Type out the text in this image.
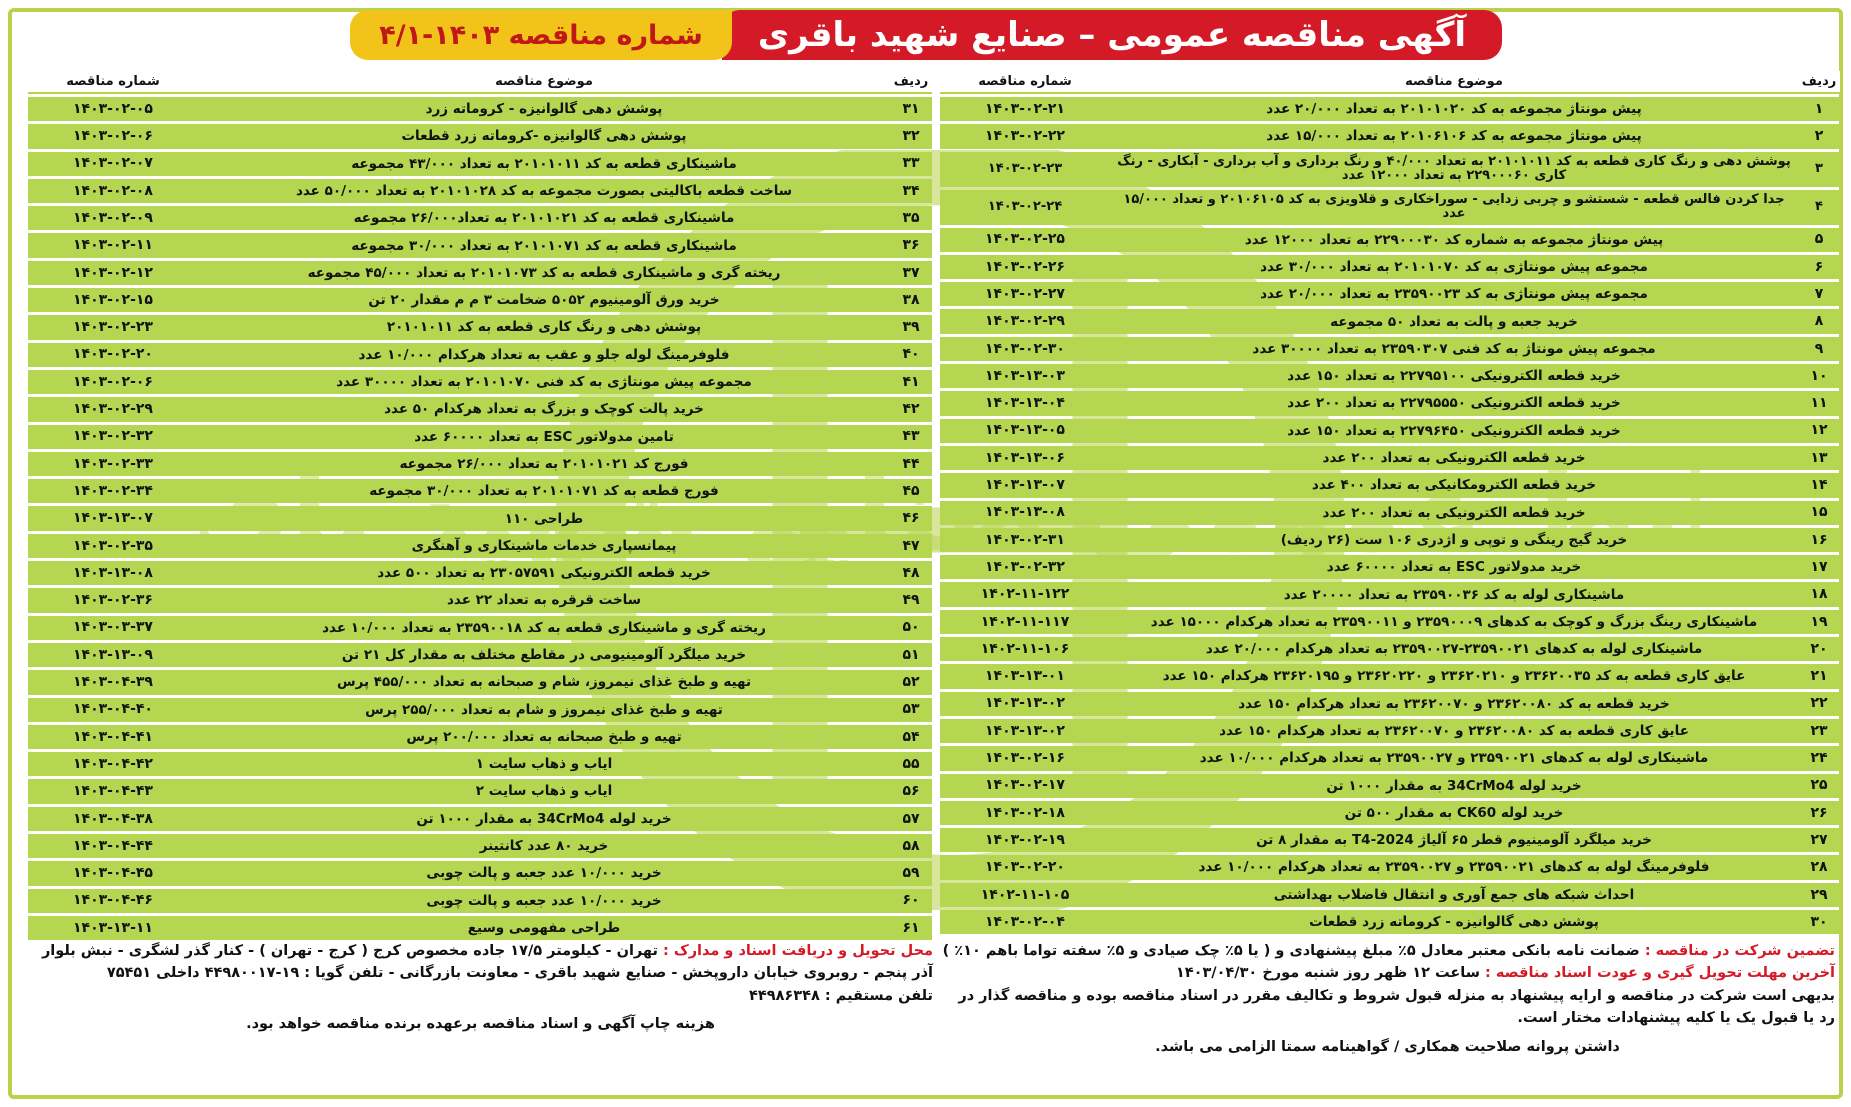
آگهی مناقصه عمومی – صنایع شهید باقری
شماره مناقصه ۱۴۰۳-۴/۱
ردیف	موضوع مناقصه	شماره مناقصه
۱	پیش مونتاژ مجموعه به کد ۲۰۱۰۱۰۲۰ به تعداد ۲۰/۰۰۰ عدد	۱۴۰۳-۰۲-۲۱
۲	پیش مونتاژ مجموعه به کد ۲۰۱۰۶۱۰۶ به تعداد ۱۵/۰۰۰ عدد	۱۴۰۳-۰۲-۲۲
۳	پوشش دهی و رنگ کاری قطعه به کد ۲۰۱۰۱۰۱۱ به تعداد ۴۰/۰۰۰ و رنگ برداری و آب برداری - آبکاری - رنگ کاری ۲۲۹۰۰۰۶۰ به تعداد ۱۲۰۰۰ عدد	۱۴۰۳-۰۲-۲۳
۴	جدا کردن فالس قطعه - شستشو و چربی زدایی - سوراخکاری و قلاویزی به کد ۲۰۱۰۶۱۰۵ و تعداد ۱۵/۰۰۰ عدد	۱۴۰۳-۰۲-۲۴
۵	پیش مونتاژ مجموعه به شماره کد ۲۲۹۰۰۰۳۰ به تعداد ۱۲۰۰۰ عدد	۱۴۰۳-۰۲-۲۵
۶	مجموعه پیش مونتاژی به کد ۲۰۱۰۱۰۷۰ به تعداد ۳۰/۰۰۰ عدد	۱۴۰۳-۰۲-۲۶
۷	مجموعه پیش مونتاژی به کد ۲۳۵۹۰۰۲۳ به تعداد ۲۰/۰۰۰ عدد	۱۴۰۳-۰۲-۲۷
۸	خرید جعبه و پالت به تعداد ۵۰ مجموعه	۱۴۰۳-۰۲-۲۹
۹	مجموعه پیش مونتاژ به کد فنی ۲۳۵۹۰۳۰۷ به تعداد ۳۰۰۰۰ عدد	۱۴۰۳-۰۲-۳۰
۱۰	خرید قطعه الکترونیکی ۲۲۷۹۵۱۰۰ به تعداد ۱۵۰ عدد	۱۴۰۳-۱۳-۰۳
۱۱	خرید قطعه الکترونیکی ۲۲۷۹۵۵۵۰ به تعداد ۲۰۰ عدد	۱۴۰۳-۱۳-۰۴
۱۲	خرید قطعه الکترونیکی ۲۲۷۹۶۴۵۰ به تعداد ۱۵۰ عدد	۱۴۰۳-۱۳-۰۵
۱۳	خرید قطعه الکترونیکی به تعداد ۲۰۰ عدد	۱۴۰۳-۱۳-۰۶
۱۴	خرید قطعه الکترومکانیکی به تعداد ۴۰۰ عدد	۱۴۰۳-۱۳-۰۷
۱۵	خرید قطعه الکترونیکی به تعداد ۲۰۰ عدد	۱۴۰۳-۱۳-۰۸
۱۶	خرید گیج رینگی و توپی و اژدری ۱۰۶ ست (۲۶ ردیف)	۱۴۰۳-۰۲-۳۱
۱۷	خرید مدولاتور ESC به تعداد ۶۰۰۰۰ عدد	۱۴۰۳-۰۲-۳۲
۱۸	ماشینکاری لوله به کد ۲۳۵۹۰۰۳۶ به تعداد ۲۰۰۰۰ عدد	۱۴۰۲-۱۱-۱۲۲
۱۹	ماشینکاری رینگ بزرگ و کوچک به کدهای ۲۳۵۹۰۰۰۹ و ۲۳۵۹۰۰۱۱ به تعداد هرکدام ۱۵۰۰۰ عدد	۱۴۰۲-۱۱-۱۱۷
۲۰	ماشینکاری لوله به کدهای ۲۳۵۹۰۰۲۱-۲۳۵۹۰۰۲۷ به تعداد هرکدام ۲۰/۰۰۰ عدد	۱۴۰۲-۱۱-۱۰۶
۲۱	عایق کاری قطعه به کد ۲۳۶۲۰۰۳۵ و ۲۳۶۲۰۲۱۰ و ۲۳۶۲۰۲۲۰ و ۲۳۶۲۰۱۹۵ هرکدام ۱۵۰ عدد	۱۴۰۳-۱۳-۰۱
۲۲	خرید قطعه به کد ۲۳۶۲۰۰۸۰ و ۲۳۶۲۰۰۷۰ به تعداد هرکدام ۱۵۰ عدد	۱۴۰۳-۱۳-۰۲
۲۳	عایق کاری قطعه به کد ۲۳۶۲۰۰۸۰ و ۲۳۶۲۰۰۷۰ به تعداد هرکدام ۱۵۰ عدد	۱۴۰۳-۱۳-۰۲
۲۴	ماشینکاری لوله به کدهای ۲۳۵۹۰۰۲۱ و ۲۳۵۹۰۰۲۷ به تعداد هرکدام ۱۰/۰۰۰ عدد	۱۴۰۳-۰۲-۱۶
۲۵	خرید لوله 34CrMo4 به مقدار ۱۰۰۰ تن	۱۴۰۳-۰۲-۱۷
۲۶	خرید لوله CK60 به مقدار ۵۰۰ تن	۱۴۰۳-۰۲-۱۸
۲۷	خرید میلگرد آلومینیوم قطر ۶۵ آلیاژ 2024-T4 به مقدار ۸ تن	۱۴۰۳-۰۲-۱۹
۲۸	فلوفرمینگ لوله به کدهای ۲۳۵۹۰۰۲۱ و ۲۳۵۹۰۰۲۷ به تعداد هرکدام ۱۰/۰۰۰ عدد	۱۴۰۳-۰۲-۲۰
۲۹	احداث شبکه های جمع آوری و انتقال فاضلاب بهداشتی	۱۴۰۲-۱۱-۱۰۵
۳۰	پوشش دهی گالوانیزه - کروماته زرد قطعات	۱۴۰۳-۰۲-۰۴
ردیف	موضوع مناقصه	شماره مناقصه
۳۱	پوشش دهی گالوانیزه - کروماته زرد	۱۴۰۳-۰۲-۰۵
۳۲	پوشش دهی گالوانیزه -کروماته زرد قطعات	۱۴۰۳-۰۲-۰۶
۳۳	ماشینکاری قطعه به کد ۲۰۱۰۱۰۱۱ به تعداد ۴۳/۰۰۰ مجموعه	۱۴۰۳-۰۲-۰۷
۳۴	ساخت قطعه باکالیتی بصورت مجموعه به کد ۲۰۱۰۱۰۲۸ به تعداد ۵۰/۰۰۰ عدد	۱۴۰۳-۰۲-۰۸
۳۵	ماشینکاری قطعه به کد ۲۰۱۰۱۰۲۱ به تعداد۲۶/۰۰۰ مجموعه	۱۴۰۳-۰۲-۰۹
۳۶	ماشینکاری قطعه به کد ۲۰۱۰۱۰۷۱ به تعداد ۳۰/۰۰۰ مجموعه	۱۴۰۳-۰۲-۱۱
۳۷	ریخته گری و ماشینکاری قطعه به کد ۲۰۱۰۱۰۷۳ به تعداد ۴۵/۰۰۰ مجموعه	۱۴۰۳-۰۲-۱۲
۳۸	خرید ورق آلومینیوم ۵۰۵۲ ضخامت ۳ م م مقدار ۲۰ تن	۱۴۰۳-۰۲-۱۵
۳۹	پوشش دهی و رنگ کاری قطعه به کد ۲۰۱۰۱۰۱۱	۱۴۰۳-۰۲-۲۳
۴۰	فلوفرمینگ لوله جلو و عقب به تعداد هرکدام ۱۰/۰۰۰ عدد	۱۴۰۳-۰۲-۲۰
۴۱	مجموعه پیش مونتاژی به کد فنی ۲۰۱۰۱۰۷۰ به تعداد ۳۰۰۰۰ عدد	۱۴۰۳-۰۲-۰۶
۴۲	خرید پالت کوچک و بزرگ به تعداد هرکدام ۵۰ عدد	۱۴۰۳-۰۲-۲۹
۴۳	تامین مدولاتور ESC به تعداد ۶۰۰۰۰ عدد	۱۴۰۳-۰۲-۳۲
۴۴	فورج کد ۲۰۱۰۱۰۲۱ به تعداد ۲۶/۰۰۰ مجموعه	۱۴۰۳-۰۲-۳۳
۴۵	فورج قطعه به کد ۲۰۱۰۱۰۷۱ به تعداد ۳۰/۰۰۰ مجموعه	۱۴۰۳-۰۲-۳۴
۴۶	طراحی ۱۱۰	۱۴۰۳-۱۳-۰۷
۴۷	پیمانسپاری خدمات ماشینکاری و آهنگری	۱۴۰۳-۰۲-۳۵
۴۸	خرید قطعه الکترونیکی ۲۳۰۵۷۵۹۱ به تعداد ۵۰۰ عدد	۱۴۰۳-۱۳-۰۸
۴۹	ساخت قرقره به تعداد ۲۲ عدد	۱۴۰۳-۰۲-۳۶
۵۰	ریخته گری و ماشینکاری قطعه به کد ۲۳۵۹۰۰۱۸ به تعداد ۱۰/۰۰۰ عدد	۱۴۰۳-۰۳-۳۷
۵۱	خرید میلگرد آلومینیومی در مقاطع مختلف به مقدار کل ۲۱ تن	۱۴۰۳-۱۳-۰۹
۵۲	تهیه و طبخ غذای نیمروز، شام و صبحانه به تعداد ۴۵۵/۰۰۰ پرس	۱۴۰۳-۰۴-۳۹
۵۳	تهیه و طبخ غذای نیمروز و شام به تعداد ۲۵۵/۰۰۰ پرس	۱۴۰۳-۰۴-۴۰
۵۴	تهیه و طبخ صبحانه به تعداد ۲۰۰/۰۰۰ پرس	۱۴۰۳-۰۴-۴۱
۵۵	ایاب و ذهاب سایت ۱	۱۴۰۳-۰۴-۴۲
۵۶	ایاب و ذهاب سایت ۲	۱۴۰۳-۰۴-۴۳
۵۷	خرید لوله 34CrMo4 به مقدار ۱۰۰۰ تن	۱۴۰۳-۰۴-۳۸
۵۸	خرید ۸۰ عدد کانتینر	۱۴۰۳-۰۴-۴۴
۵۹	خرید ۱۰/۰۰۰ عدد جعبه و پالت چوبی	۱۴۰۳-۰۴-۴۵
۶۰	خرید ۱۰/۰۰۰ عدد جعبه و پالت چوبی	۱۴۰۳-۰۴-۴۶
۶۱	طراحی مفهومی وسیع	۱۴۰۳-۱۳-۱۱
تضمین شرکت در مناقصه : ضمانت نامه بانکی معتبر معادل ۵٪ مبلغ پیشنهادی و ( یا ۵٪ چک صیادی و ۵٪ سفته تواما باهم ۱۰٪ )
آخرین مهلت تحویل گیری و عودت اسناد مناقصه : ساعت ۱۲ ظهر روز شنبه مورخ ۱۴۰۳/۰۴/۳۰
بدیهی است شرکت در مناقصه و ارایه پیشنهاد به منزله قبول شروط و تکالیف مقرر در اسناد مناقصه بوده و مناقصه گذار در رد یا قبول یک یا کلیه پیشنهادات مختار است.
داشتن پروانه صلاحیت همکاری / گواهینامه سمتا الزامی می باشد.
محل تحویل و دریافت اسناد و مدارک : تهران - کیلومتر ۱۷/۵ جاده مخصوص کرج ( کرج - تهران ) - کنار گذر لشگری - نبش بلوار آذر پنجم - روبروی خیابان داروپخش - صنایع شهید باقری - معاونت بازرگانی - تلفن گویا : ۱۹-۴۴۹۸۰۰۱۷ داخلی ۷۵۴۵۱
تلفن مستقیم : ۴۴۹۸۶۳۴۸
هزینه چاپ آگهی و اسناد مناقصه برعهده برنده مناقصه خواهد بود.
